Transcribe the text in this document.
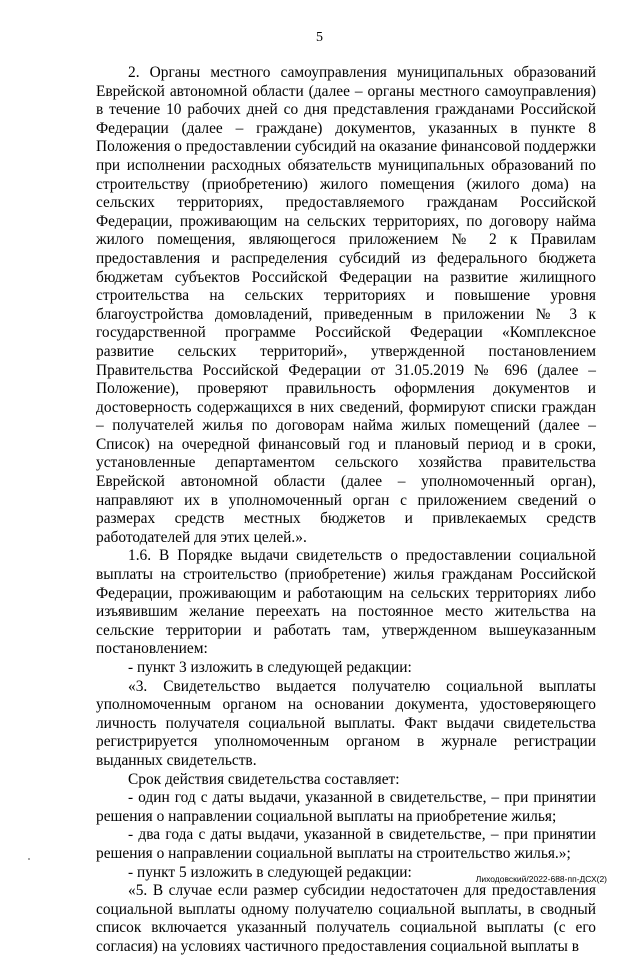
5

2. Органы местного самоуправления муниципальных образований Еврейской автономной области (далее – органы местного самоуправления) в течение 10 рабочих дней со дня представления гражданами Российской Федерации (далее – граждане) документов, указанных в пункте 8 Положения о предоставлении субсидий на оказание финансовой поддержки при исполнении расходных обязательств муниципальных образований по строительству (приобретению) жилого помещения (жилого дома) на сельских территориях, предоставляемого гражданам Российской Федерации, проживающим на сельских территориях, по договору найма жилого помещения, являющегося приложением № 2 к Правилам предоставления и распределения субсидий из федерального бюджета бюджетам субъектов Российской Федерации на развитие жилищного строительства на сельских территориях и повышение уровня благоустройства домовладений, приведенным в приложении № 3 к государственной программе Российской Федерации «Комплексное развитие сельских территорий», утвержденной постановлением Правительства Российской Федерации от 31.05.2019 № 696 (далее – Положение), проверяют правильность оформления документов и достоверность содержащихся в них сведений, формируют списки граждан – получателей жилья по договорам найма жилых помещений (далее – Список) на очередной финансовый год и плановый период и в сроки, установленные департаментом сельского хозяйства правительства Еврейской автономной области (далее – уполномоченный орган), направляют их в уполномоченный орган с приложением сведений о размерах средств местных бюджетов и привлекаемых средств работодателей для этих целей.».

1.6. В Порядке выдачи свидетельств о предоставлении социальной выплаты на строительство (приобретение) жилья гражданам Российской Федерации, проживающим и работающим на сельских территориях либо изъявившим желание переехать на постоянное место жительства на сельские территории и работать там, утвержденном вышеуказанным постановлением:

- пункт 3 изложить в следующей редакции:

«3. Свидетельство выдается получателю социальной выплаты уполномоченным органом на основании документа, удостоверяющего личность получателя социальной выплаты. Факт выдачи свидетельства регистрируется уполномоченным органом в журнале регистрации выданных свидетельств.

Срок действия свидетельства составляет:

- один год с даты выдачи, указанной в свидетельстве, – при принятии решения о направлении социальной выплаты на приобретение жилья;

- два года с даты выдачи, указанной в свидетельстве, – при принятии решения о направлении социальной выплаты на строительство жилья.»;

- пункт 5 изложить в следующей редакции:

«5. В случае если размер субсидии недостаточен для предоставления социальной выплаты одному получателю социальной выплаты, в сводный список включается указанный получатель социальной выплаты (с его согласия) на условиях частичного предоставления социальной выплаты в

Лиходовский/2022-688-пп-ДСХ(2)
